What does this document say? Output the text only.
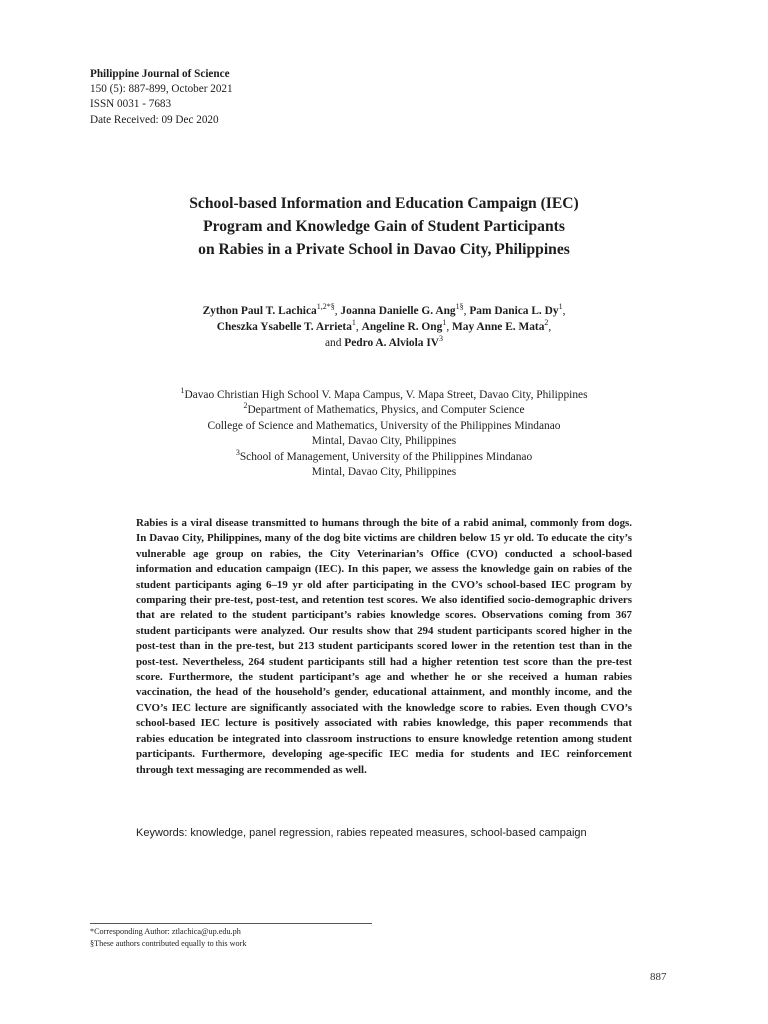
Philippine Journal of Science
150 (5): 887-899, October 2021
ISSN 0031 - 7683
Date Received: 09 Dec 2020
School-based Information and Education Campaign (IEC)
Program and Knowledge Gain of Student Participants
on Rabies in a Private School in Davao City, Philippines
Zython Paul T. Lachica$^{1,2*\S}$, Joanna Danielle G. Ang$^{1\S}$, Pam Danica L. Dy$^1$,
Cheszka Ysabelle T. Arrieta$^1$, Angeline R. Ong$^1$, May Anne E. Mata$^2$,
and Pedro A. Alviola $IV^3$
$^1$Davao Christian High School V. Mapa Campus, V. Mapa Street, Davao City, Philippines
$^2$Department of Mathematics, Physics, and Computer Science
College of Science and Mathematics, University of the Philippines Mindanao
Mintal, Davao City, Philippines
$^3$School of Management, University of the Philippines Mindanao
Mintal, Davao City, Philippines
Rabies is a viral disease transmitted to humans through the bite of a rabid animal, commonly from dogs. In Davao City, Philippines, many of the dog bite victims are children below 15 yr old. To educate the city’s vulnerable age group on rabies, the City Veterinarian’s Office (CVO) conducted a school-based information and education campaign (IEC). In this paper, we assess the knowledge gain on rabies of the student participants aging 6–19 yr old after participating in the CVO’s school-based IEC program by comparing their pre-test, post-test, and retention test scores. We also identified socio-demographic drivers that are related to the student participant’s rabies knowledge scores. Observations coming from 367 student participants were analyzed. Our results show that 294 student participants scored higher in the post-test than in the pre-test, but 213 student participants scored lower in the retention test than in the post-test. Nevertheless, 264 student participants still had a higher retention test score than the pre-test score. Furthermore, the student participant’s age and whether he or she received a human rabies vaccination, the head of the household’s gender, educational attainment, and monthly income, and the CVO’s IEC lecture are significantly associated with the knowledge score to rabies. Even though CVO’s school-based IEC lecture is positively associated with rabies knowledge, this paper recommends that rabies education be integrated into classroom instructions to ensure knowledge retention among student participants. Furthermore, developing age-specific IEC media for students and IEC reinforcement through text messaging are recommended as well.
Keywords: knowledge, panel regression, rabies repeated measures, school-based campaign
*Corresponding Author: ztlachica@up.edu.ph
§These authors contributed equally to this work
887
